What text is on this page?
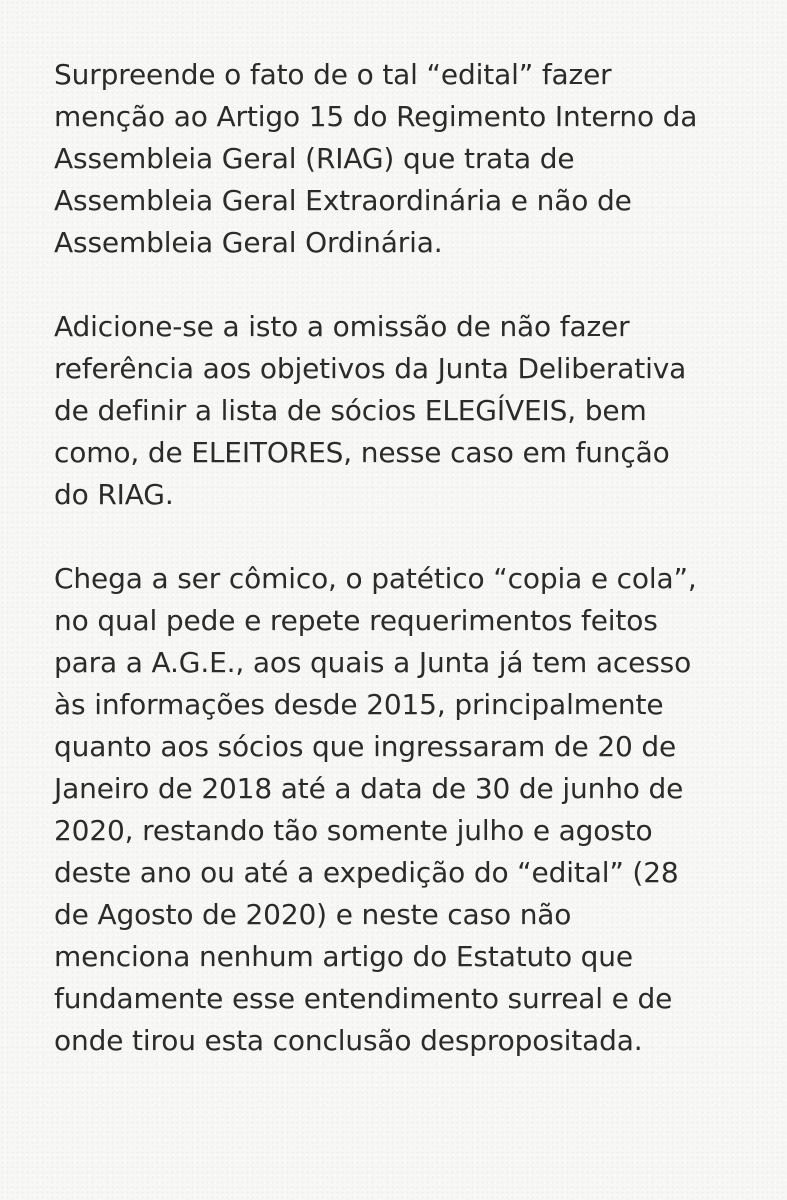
Surpreende o fato de o tal “edital” fazer
menção ao Artigo 15 do Regimento Interno da
Assembleia Geral (RIAG) que trata de
Assembleia Geral Extraordinária e não de
Assembleia Geral Ordinária.
Adicione-se a isto a omissão de não fazer
referência aos objetivos da Junta Deliberativa
de definir a lista de sócios ELEGÍVEIS, bem
como, de ELEITORES, nesse caso em função
do RIAG.
Chega a ser cômico, o patético “copia e cola”,
no qual pede e repete requerimentos feitos
para a A.G.E., aos quais a Junta já tem acesso
às informações desde 2015, principalmente
quanto aos sócios que ingressaram de 20 de
Janeiro de 2018 até a data de 30 de junho de
2020, restando tão somente julho e agosto
deste ano ou até a expedição do “edital” (28
de Agosto de 2020) e neste caso não
menciona nenhum artigo do Estatuto que
fundamente esse entendimento surreal e de
onde tirou esta conclusão despropositada.
